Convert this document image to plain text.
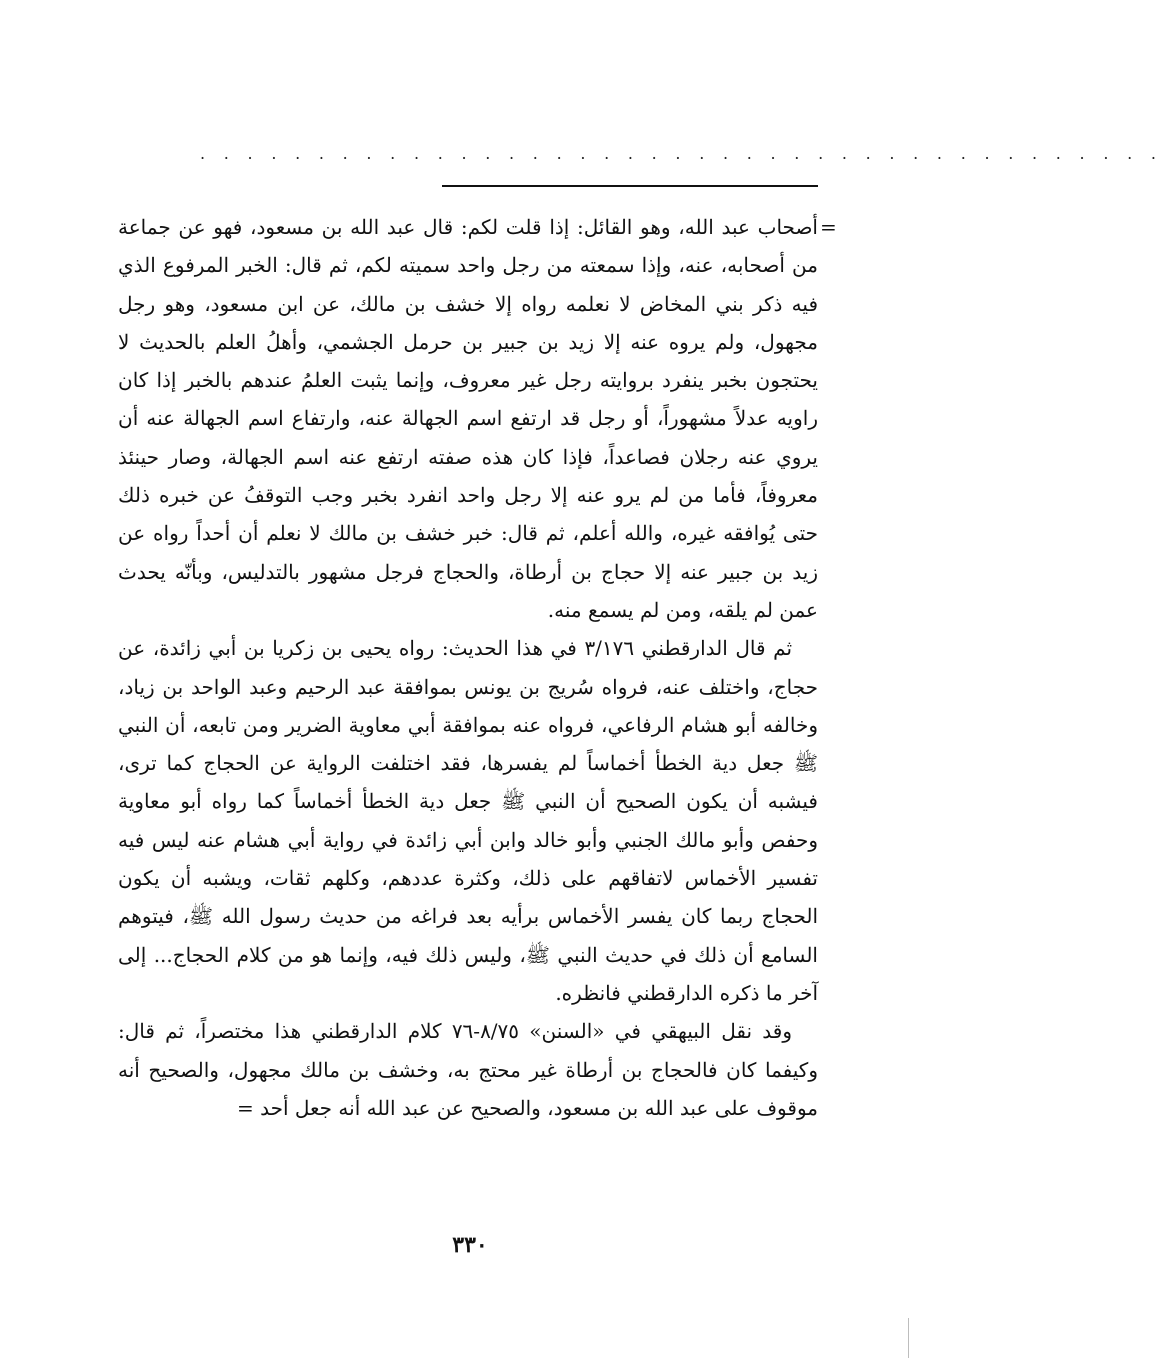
. . . . . . . . . . . . . . . . . . . . . . . . . . . . . . . . . . . . . . . . .
=

أصحاب عبد الله، وهو القائل: إذا قلت لكم: قال عبد الله بن مسعود، فهو عن جماعة من أصحابه، عنه، وإذا سمعته من رجل واحد سميته لكم، ثم قال: الخبر المرفوع الذي فيه ذكر بني المخاض لا نعلمه رواه إلا خشف بن مالك، عن ابن مسعود، وهو رجل مجهول، ولم يروه عنه إلا زيد بن جبير بن حرمل الجشمي، وأهلُ العلم بالحديث لا يحتجون بخبر ينفرد بروايته رجل غير معروف، وإنما يثبت العلمُ عندهم بالخبر إذا كان راويه عدلاً مشهوراً، أو رجل قد ارتفع اسم الجهالة عنه، وارتفاع اسم الجهالة عنه أن يروي عنه رجلان فصاعداً، فإذا كان هذه صفته ارتفع عنه اسم الجهالة، وصار حينئذ معروفاً، فأما من لم يرو عنه إلا رجل واحد انفرد بخبر وجب التوقفُ عن خبره ذلك حتى يُوافقه غيره، والله أعلم، ثم قال: خبر خشف بن مالك لا نعلم أن أحداً رواه عن زيد بن جبير عنه إلا حجاج بن أرطاة، والحجاج فرجل مشهور بالتدليس، وبأنّه يحدث عمن لم يلقه، ومن لم يسمع منه.

ثم قال الدارقطني ٣/١٧٦ في هذا الحديث: رواه يحيى بن زكريا بن أبي زائدة، عن حجاج، واختلف عنه، فرواه سُريج بن يونس بموافقة عبد الرحيم وعبد الواحد بن زياد، وخالفه أبو هشام الرفاعي، فرواه عنه بموافقة أبي معاوية الضرير ومن تابعه، أن النبي ﷺ جعل دية الخطأ أخماساً لم يفسرها، فقد اختلفت الرواية عن الحجاج كما ترى، فيشبه أن يكون الصحيح أن النبي ﷺ جعل دية الخطأ أخماساً كما رواه أبو معاوية وحفص وأبو مالك الجنبي وأبو خالد وابن أبي زائدة في رواية أبي هشام عنه ليس فيه تفسير الأخماس لاتفاقهم على ذلك، وكثرة عددهم، وكلهم ثقات، ويشبه أن يكون الحجاج ربما كان يفسر الأخماس برأيه بعد فراغه من حديث رسول الله ﷺ، فيتوهم السامع أن ذلك في حديث النبي ﷺ، وليس ذلك فيه، وإنما هو من كلام الحجاج... إلى آخر ما ذكره الدارقطني فانظره.

وقد نقل البيهقي في «السنن» ٨/٧٥-٧٦ كلام الدارقطني هذا مختصراً، ثم قال: وكيفما كان فالحجاج بن أرطاة غير محتج به، وخشف بن مالك مجهول، والصحيح أنه موقوف على عبد الله بن مسعود، والصحيح عن عبد الله أنه جعل أحد =

٣٣٠
